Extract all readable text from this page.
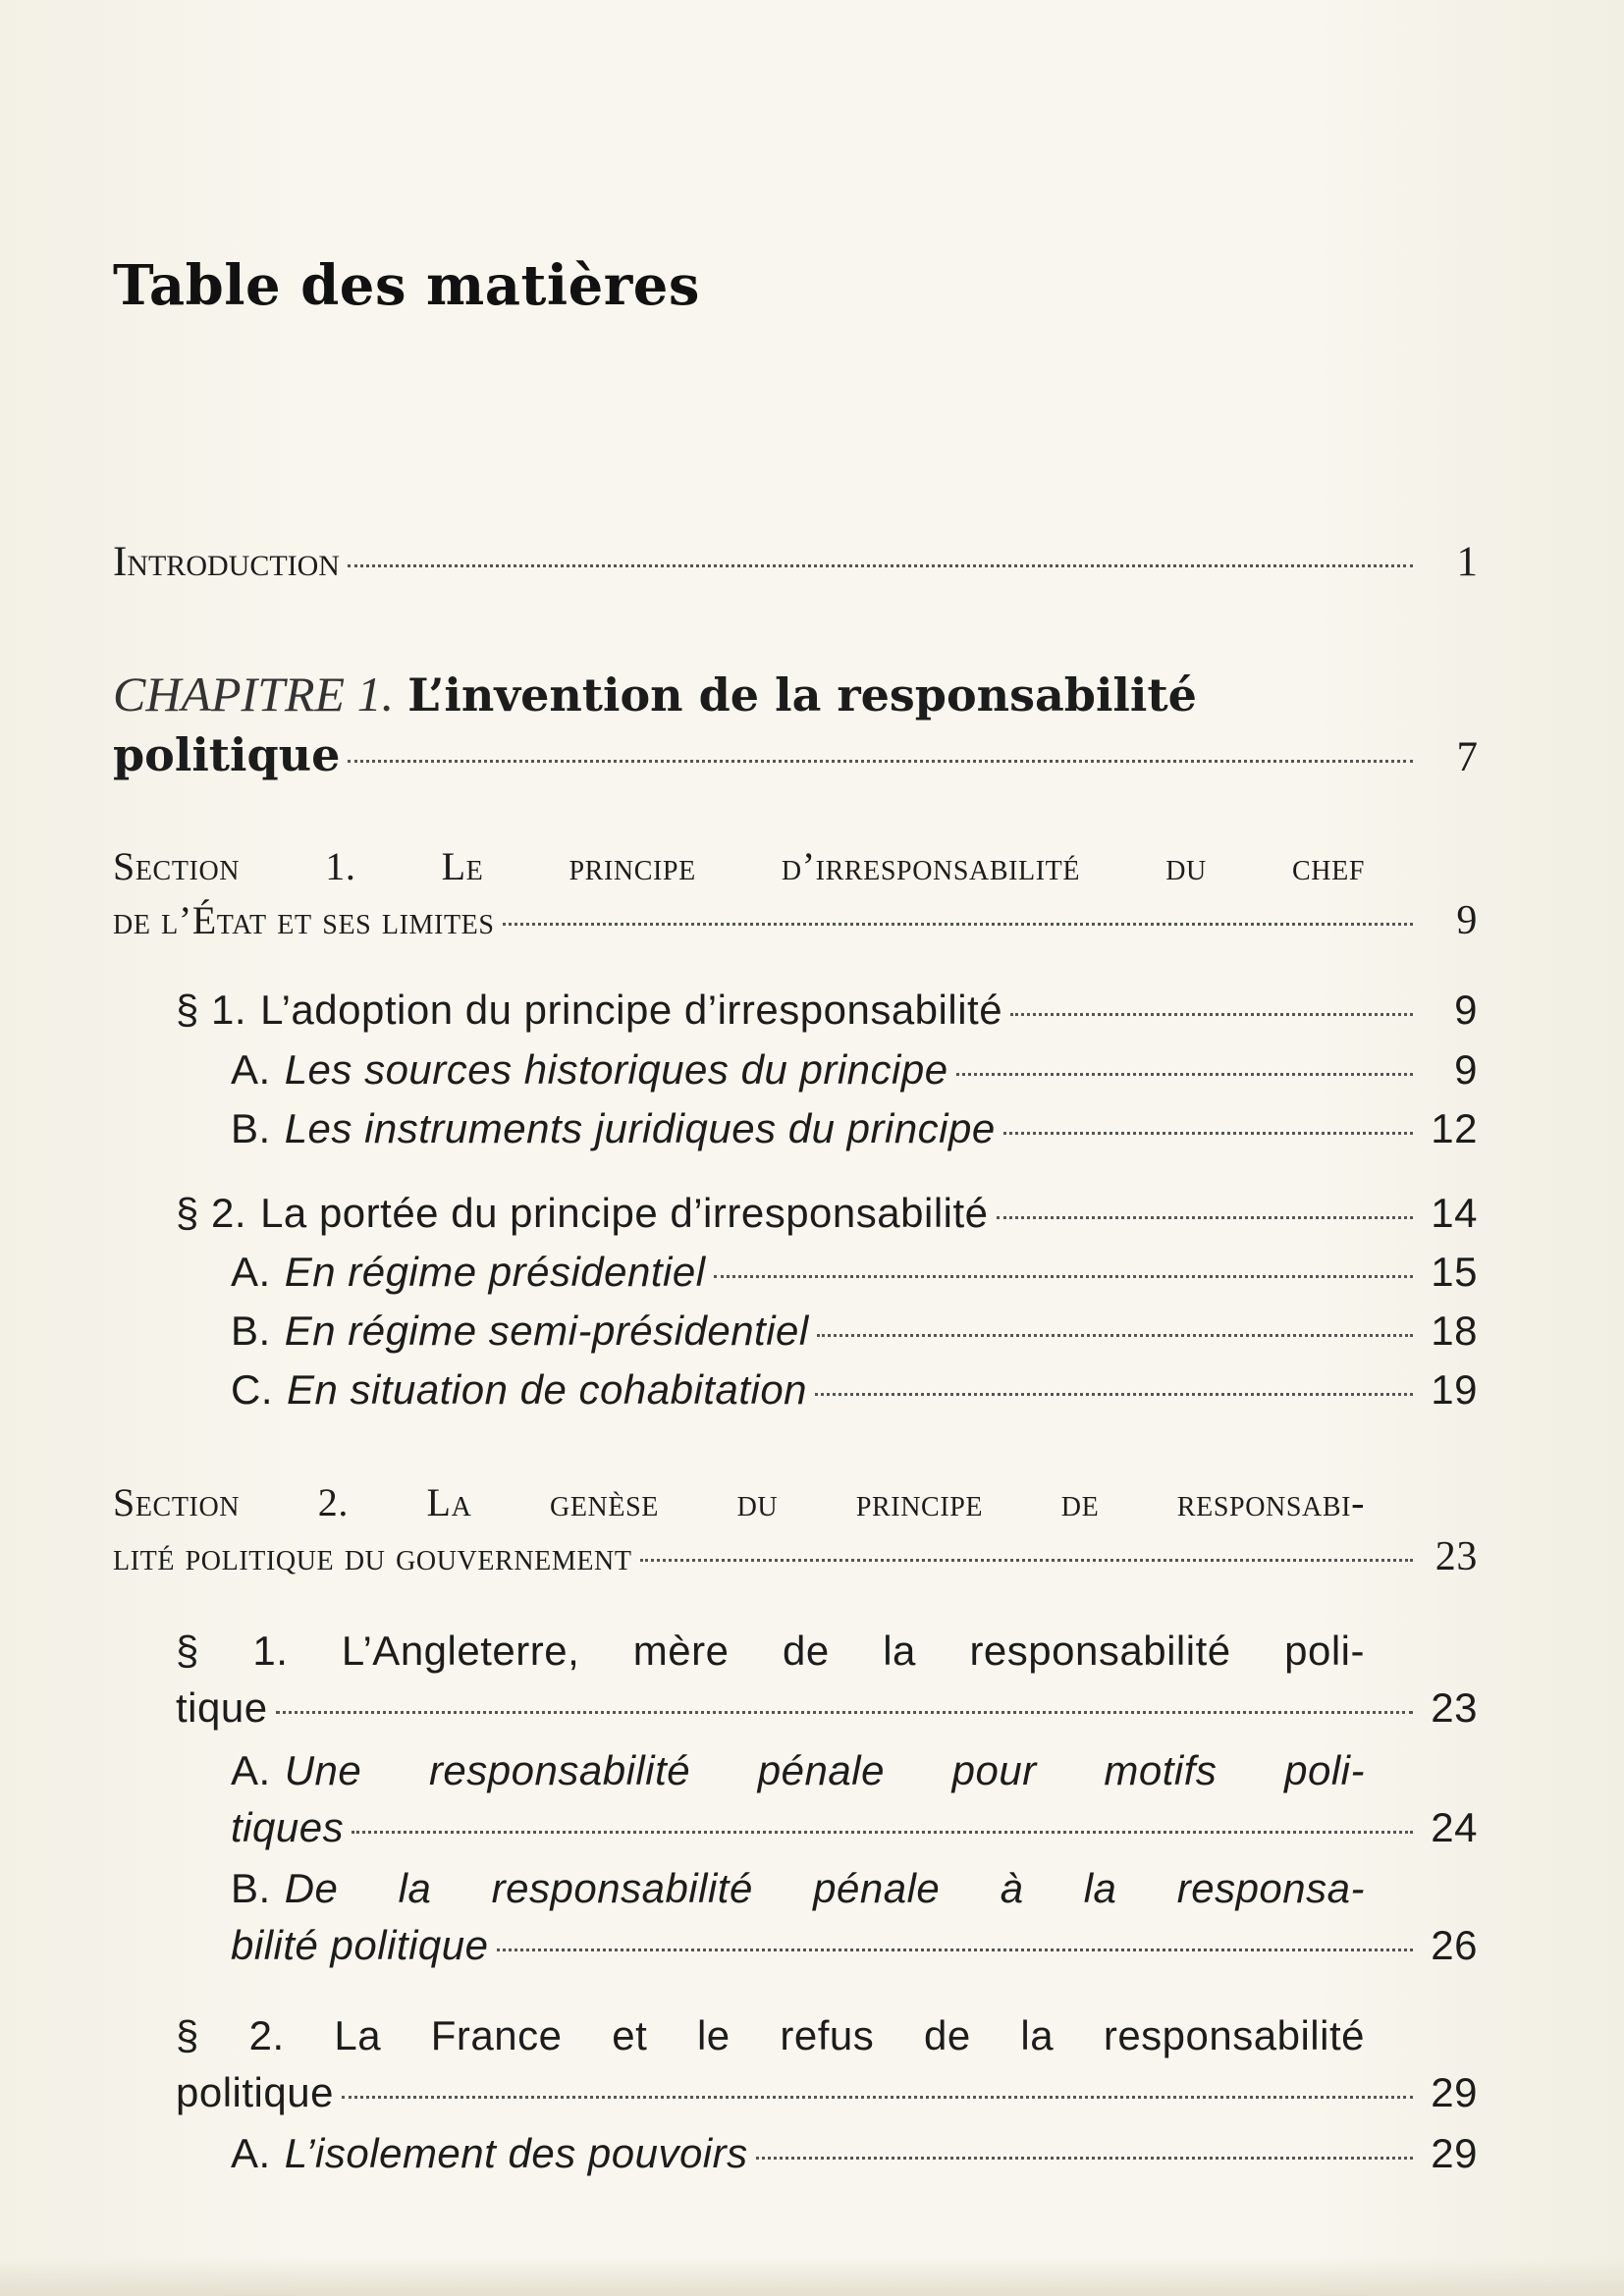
Table des matières
Introduction	1
CHAPITRE 1. L’invention de la responsabilité
politique	7
Section 1. Le principe d’irresponsabilité du chef
de l’État et ses limites	9
§ 1. L’adoption du principe d’irresponsabilité	9
A. Les sources historiques du principe	9
B. Les instruments juridiques du principe	12
§ 2. La portée du principe d’irresponsabilité	14
A. En régime présidentiel	15
B. En régime semi-présidentiel	18
C. En situation de cohabitation	19
Section 2. La genèse du principe de responsabi-
lité politique du gouvernement	23
§ 1. L’Angleterre, mère de la responsabilité poli-
tique	23
A. Une responsabilité pénale pour motifs poli-
tiques	24
B. De la responsabilité pénale à la responsa-
bilité politique	26
§ 2. La France et le refus de la responsabilité
politique	29
A. L’isolement des pouvoirs	29
